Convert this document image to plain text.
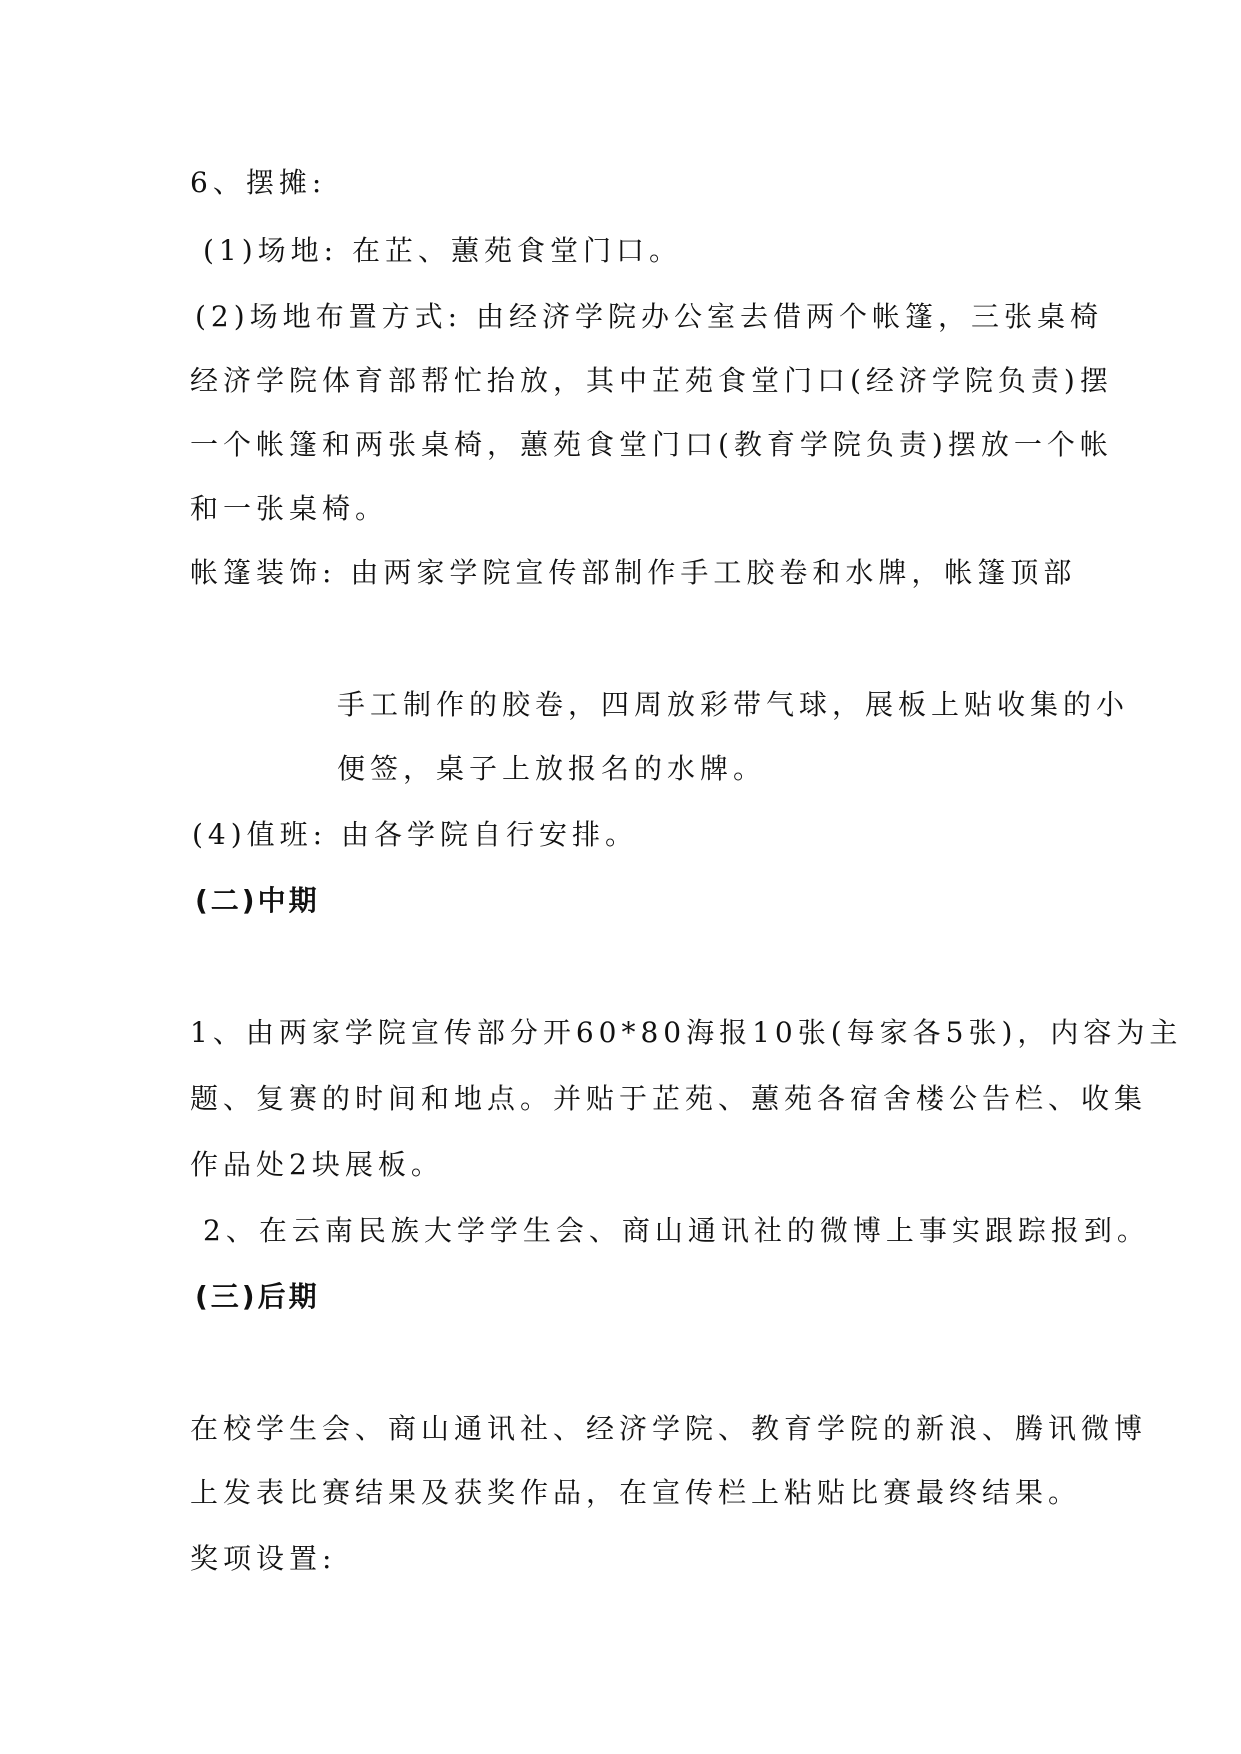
6、摆摊:
(1)场地: 在芷、蕙苑食堂门口。
(2)场地布置方式: 由经济学院办公室去借两个帐篷，三张桌椅
经济学院体育部帮忙抬放，其中芷苑食堂门口(经济学院负责)摆
一个帐篷和两张桌椅，蕙苑食堂门口(教育学院负责)摆放一个帐
和一张桌椅。
帐篷装饰: 由两家学院宣传部制作手工胶卷和水牌，帐篷顶部
手工制作的胶卷，四周放彩带气球，展板上贴收集的小
便签，桌子上放报名的水牌。
(4)值班: 由各学院自行安排。
(二)中期
1、由两家学院宣传部分开60*80海报10张(每家各5张)，内容为主
题、复赛的时间和地点。并贴于芷苑、蕙苑各宿舍楼公告栏、收集
作品处2块展板。
2、在云南民族大学学生会、商山通讯社的微博上事实跟踪报到。
(三)后期
在校学生会、商山通讯社、经济学院、教育学院的新浪、腾讯微博
上发表比赛结果及获奖作品，在宣传栏上粘贴比赛最终结果。
奖项设置:
